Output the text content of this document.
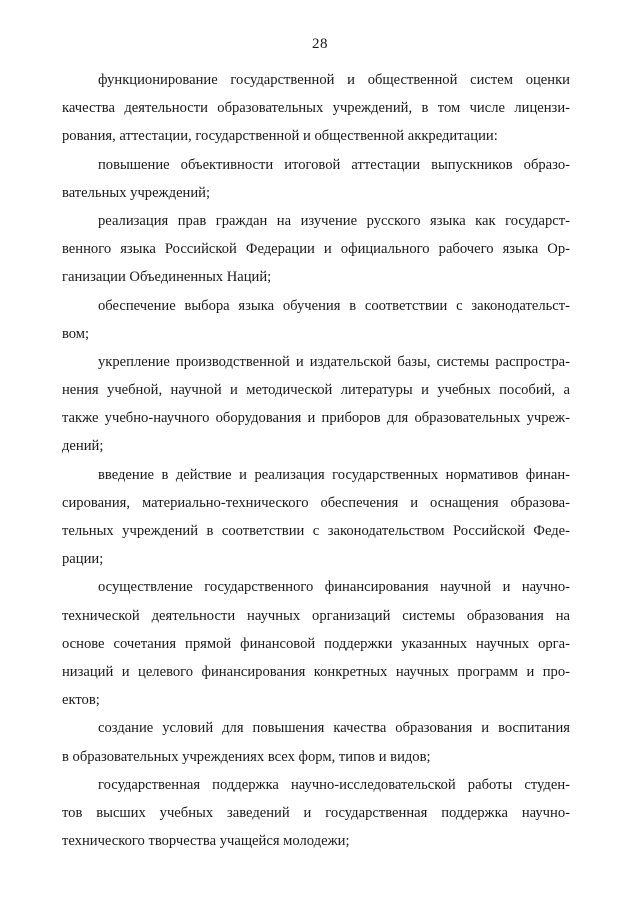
28
функционирование государственной и общественной систем оценки
качества деятельности образовательных учреждений, в том числе лицензи-
рования, аттестации, государственной и общественной аккредитации:
повышение объективности итоговой аттестации выпускников образо-
вательных учреждений;
реализация прав граждан на изучение русского языка как государст-
венного языка Российской Федерации и официального рабочего языка Ор-
ганизации Объединенных Наций;
обеспечение выбора языка обучения в соответствии с законодательст-
вом;
укрепление производственной и издательской базы, системы распростра-
нения учебной, научной и методической литературы и учебных пособий, а
также учебно-научного оборудования и приборов для образовательных учреж-
дений;
введение в действие и реализация государственных нормативов финан-
сирования, материально-технического обеспечения и оснащения образова-
тельных учреждений в соответствии с законодательством Российской Феде-
рации;
осуществление государственного финансирования научной и научно-
технической деятельности научных организаций системы образования на
основе сочетания прямой финансовой поддержки указанных научных орга-
низаций и целевого финансирования конкретных научных программ и про-
ектов;
создание условий для повышения качества образования и воспитания
в образовательных учреждениях всех форм, типов и видов;
государственная поддержка научно-исследовательской работы студен-
тов высших учебных заведений и государственная поддержка научно-
технического творчества учащейся молодежи;
